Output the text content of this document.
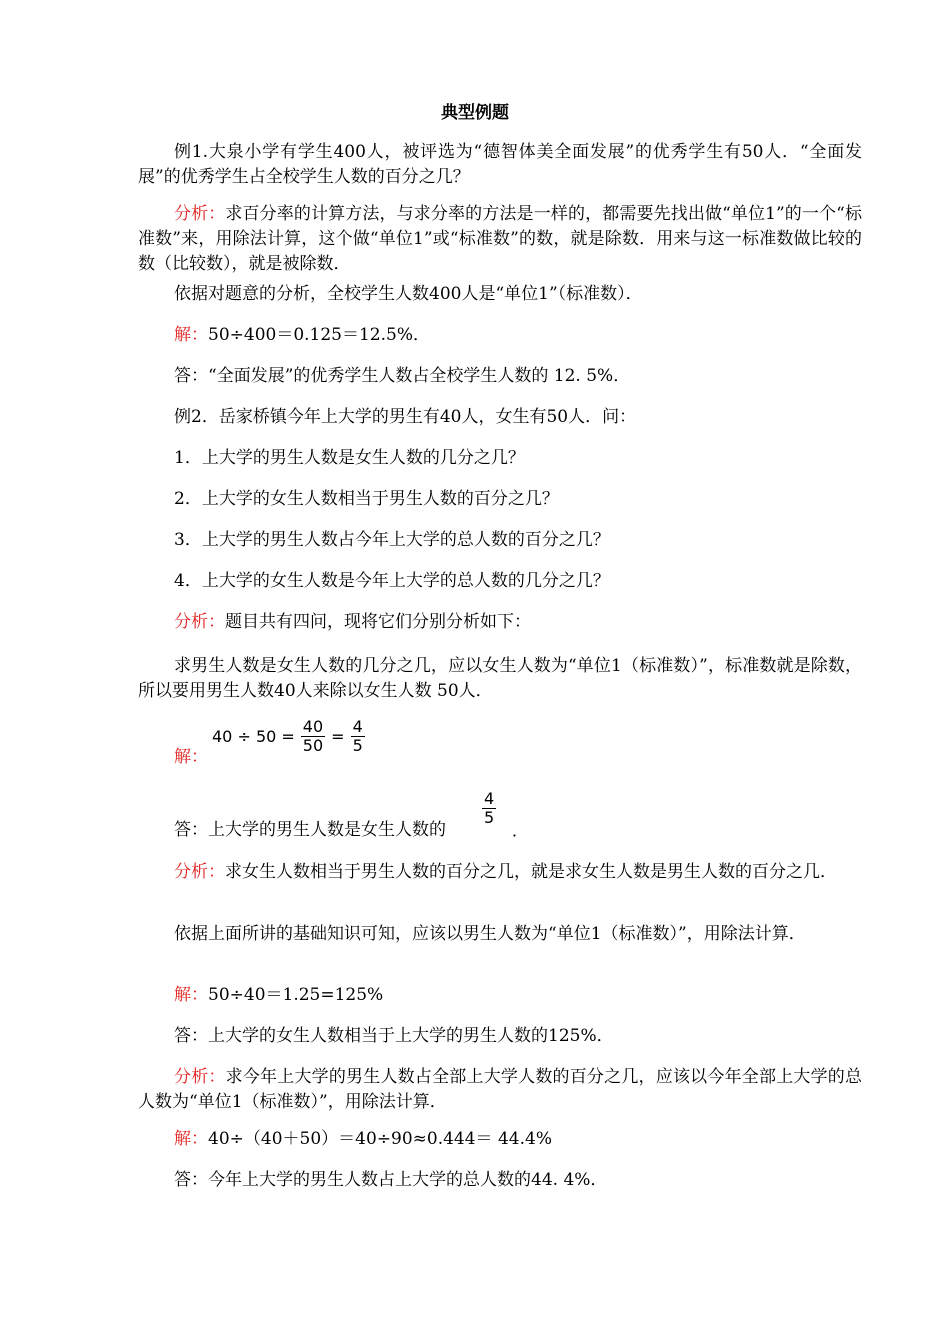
典型例题
例1.大泉小学有学生400人，被评选为“德智体美全面发展”的优秀学生有50人．“全面发展”的优秀学生占全校学生人数的百分之几？
分析：求百分率的计算方法，与求分率的方法是一样的，都需要先找出做“单位1”的一个“标准数”来，用除法计算，这个做“单位1”或“标准数”的数，就是除数．用来与这一标准数做比较的数（比较数），就是被除数．
依据对题意的分析，全校学生人数400人是“单位1”（标准数）．
解：50÷400＝0.125＝12.5%．
答：“全面发展”的优秀学生人数占全校学生人数的 12. 5%．
例2．岳家桥镇今年上大学的男生有40人，女生有50人．问：
1．上大学的男生人数是女生人数的几分之几？
2．上大学的女生人数相当于男生人数的百分之几？
3．上大学的男生人数占今年上大学的总人数的百分之几？
4．上大学的女生人数是今年上大学的总人数的几分之几？
分析：题目共有四问，现将它们分别分析如下：
求男生人数是女生人数的几分之几，应以女生人数为“单位1（标准数）”，标准数就是除数，所以要用男生人数40人来除以女生人数 50人．
解：
$40 \div 50 = \frac{40}{50} = \frac{4}{5}$
答：上大学的男生人数是女生人数的
$\frac{4}{5}$
．
分析：求女生人数相当于男生人数的百分之几，就是求女生人数是男生人数的百分之几．
依据上面所讲的基础知识可知，应该以男生人数为“单位1（标准数）”，用除法计算．
解：50÷40＝1.25=125%
答：上大学的女生人数相当于上大学的男生人数的125%．
分析：求今年上大学的男生人数占全部上大学人数的百分之几，应该以今年全部上大学的总人数为“单位1（标准数）”，用除法计算．
解：40÷（40＋50）＝40÷90≈0.444＝ 44.4%
答：今年上大学的男生人数占上大学的总人数的44. 4%．
